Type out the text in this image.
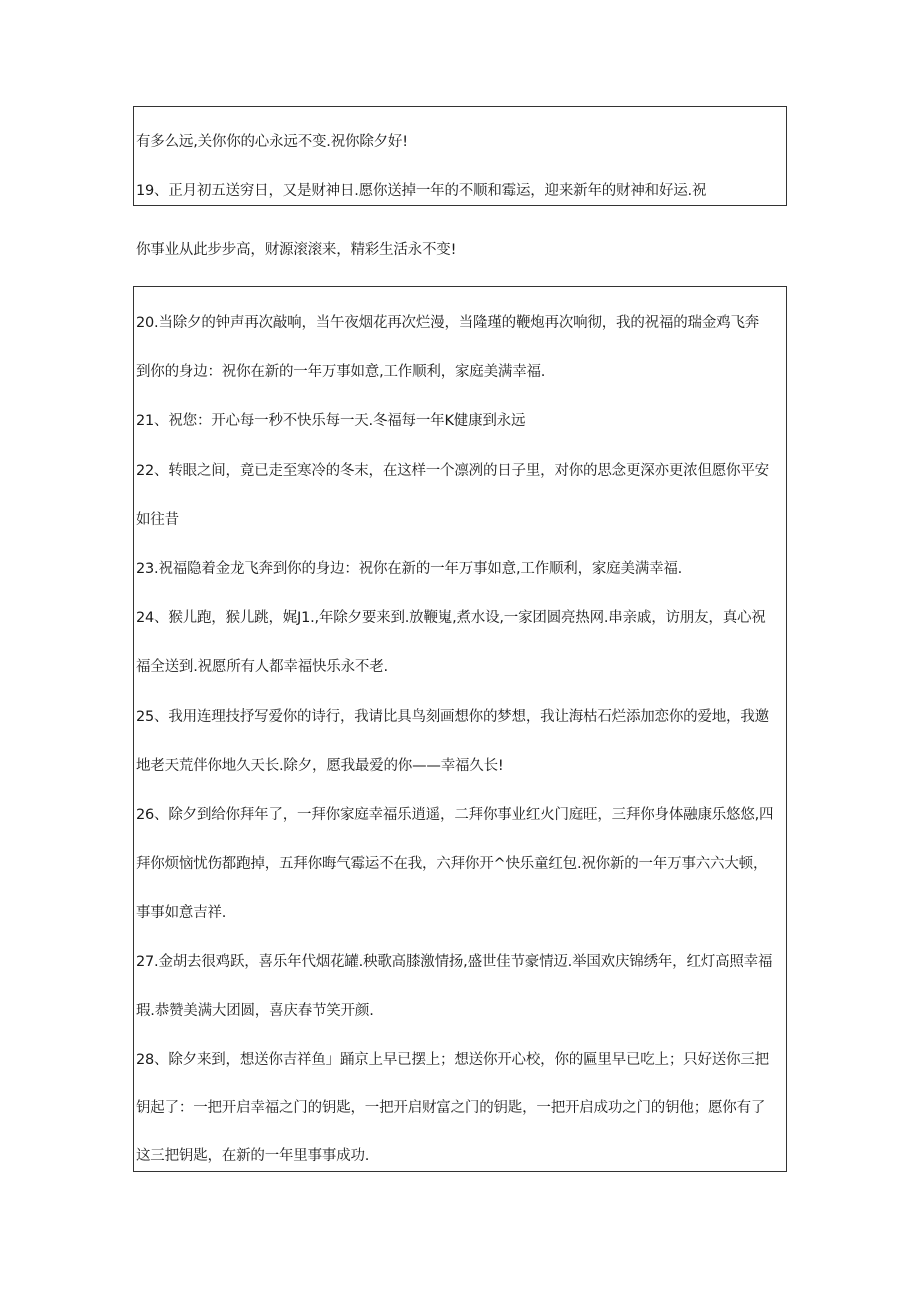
有多么远,关你你的心永远不变.祝你除夕好!
19、正月初五送穷日，又是财神日.愿你送掉一年的不顺和霉运，迎来新年的财神和好运.祝
你事业从此步步高，财源滚滚来，精彩生活永不变!
20.当除夕的钟声再次敲响，当午夜烟花再次烂漫，当隆瑾的鞭炮再次响彻，我的祝福的瑞金鸡飞奔
到你的身边：祝你在新的一年万事如意,工作顺利，家庭美满幸福.
21、祝您：开心每一秒不快乐每一天.冬福每一年K健康到永远
22、转眼之间，竟已走至寒冷的冬末，在这样一个凛冽的日子里，对你的思念更深亦更浓但愿你平安
如往昔
23.祝福隐着金龙飞奔到你的身边：祝你在新的一年万事如意,工作顺利，家庭美满幸福.
24、猴儿跑，猴儿跳，娓J1.,年除夕要来到.放鞭嵬,煮水设,一家团圆亮热网.串亲戚，访朋友，真心祝
福全送到.祝愿所有人都幸福快乐永不老.
25、我用连理技抒写爱你的诗行，我请比具鸟刻画想你的梦想，我让海枯石烂添加恋你的爱地，我邀
地老天荒伴你地久天长.除夕，愿我最爱的你——幸福久长!
26、除夕到给你拜年了，一拜你家庭幸福乐逍遥，二拜你事业红火门庭旺，三拜你身体融康乐悠悠,四
拜你烦恼忧伤都跑掉，五拜你晦气霉运不在我，六拜你开^快乐童红包.祝你新的一年万事六六大顿，
事事如意吉祥.
27.金胡去很鸡跃，喜乐年代烟花罐.秧歌高膝激情扬,盛世佳节豪情迈.举国欢庆锦绣年，红灯高照幸福
瑕.恭赞美满大团圆，喜庆春节笑开颜.
28、除夕来到，想送你吉祥鱼」踊京上早已摆上；想送你开心校，你的匾里早已吃上；只好送你三把
钥起了：一把开启幸福之门的钥匙，一把开启财富之门的钥匙，一把开启成功之门的钥他；愿你有了
这三把钥匙，在新的一年里事事成功.
